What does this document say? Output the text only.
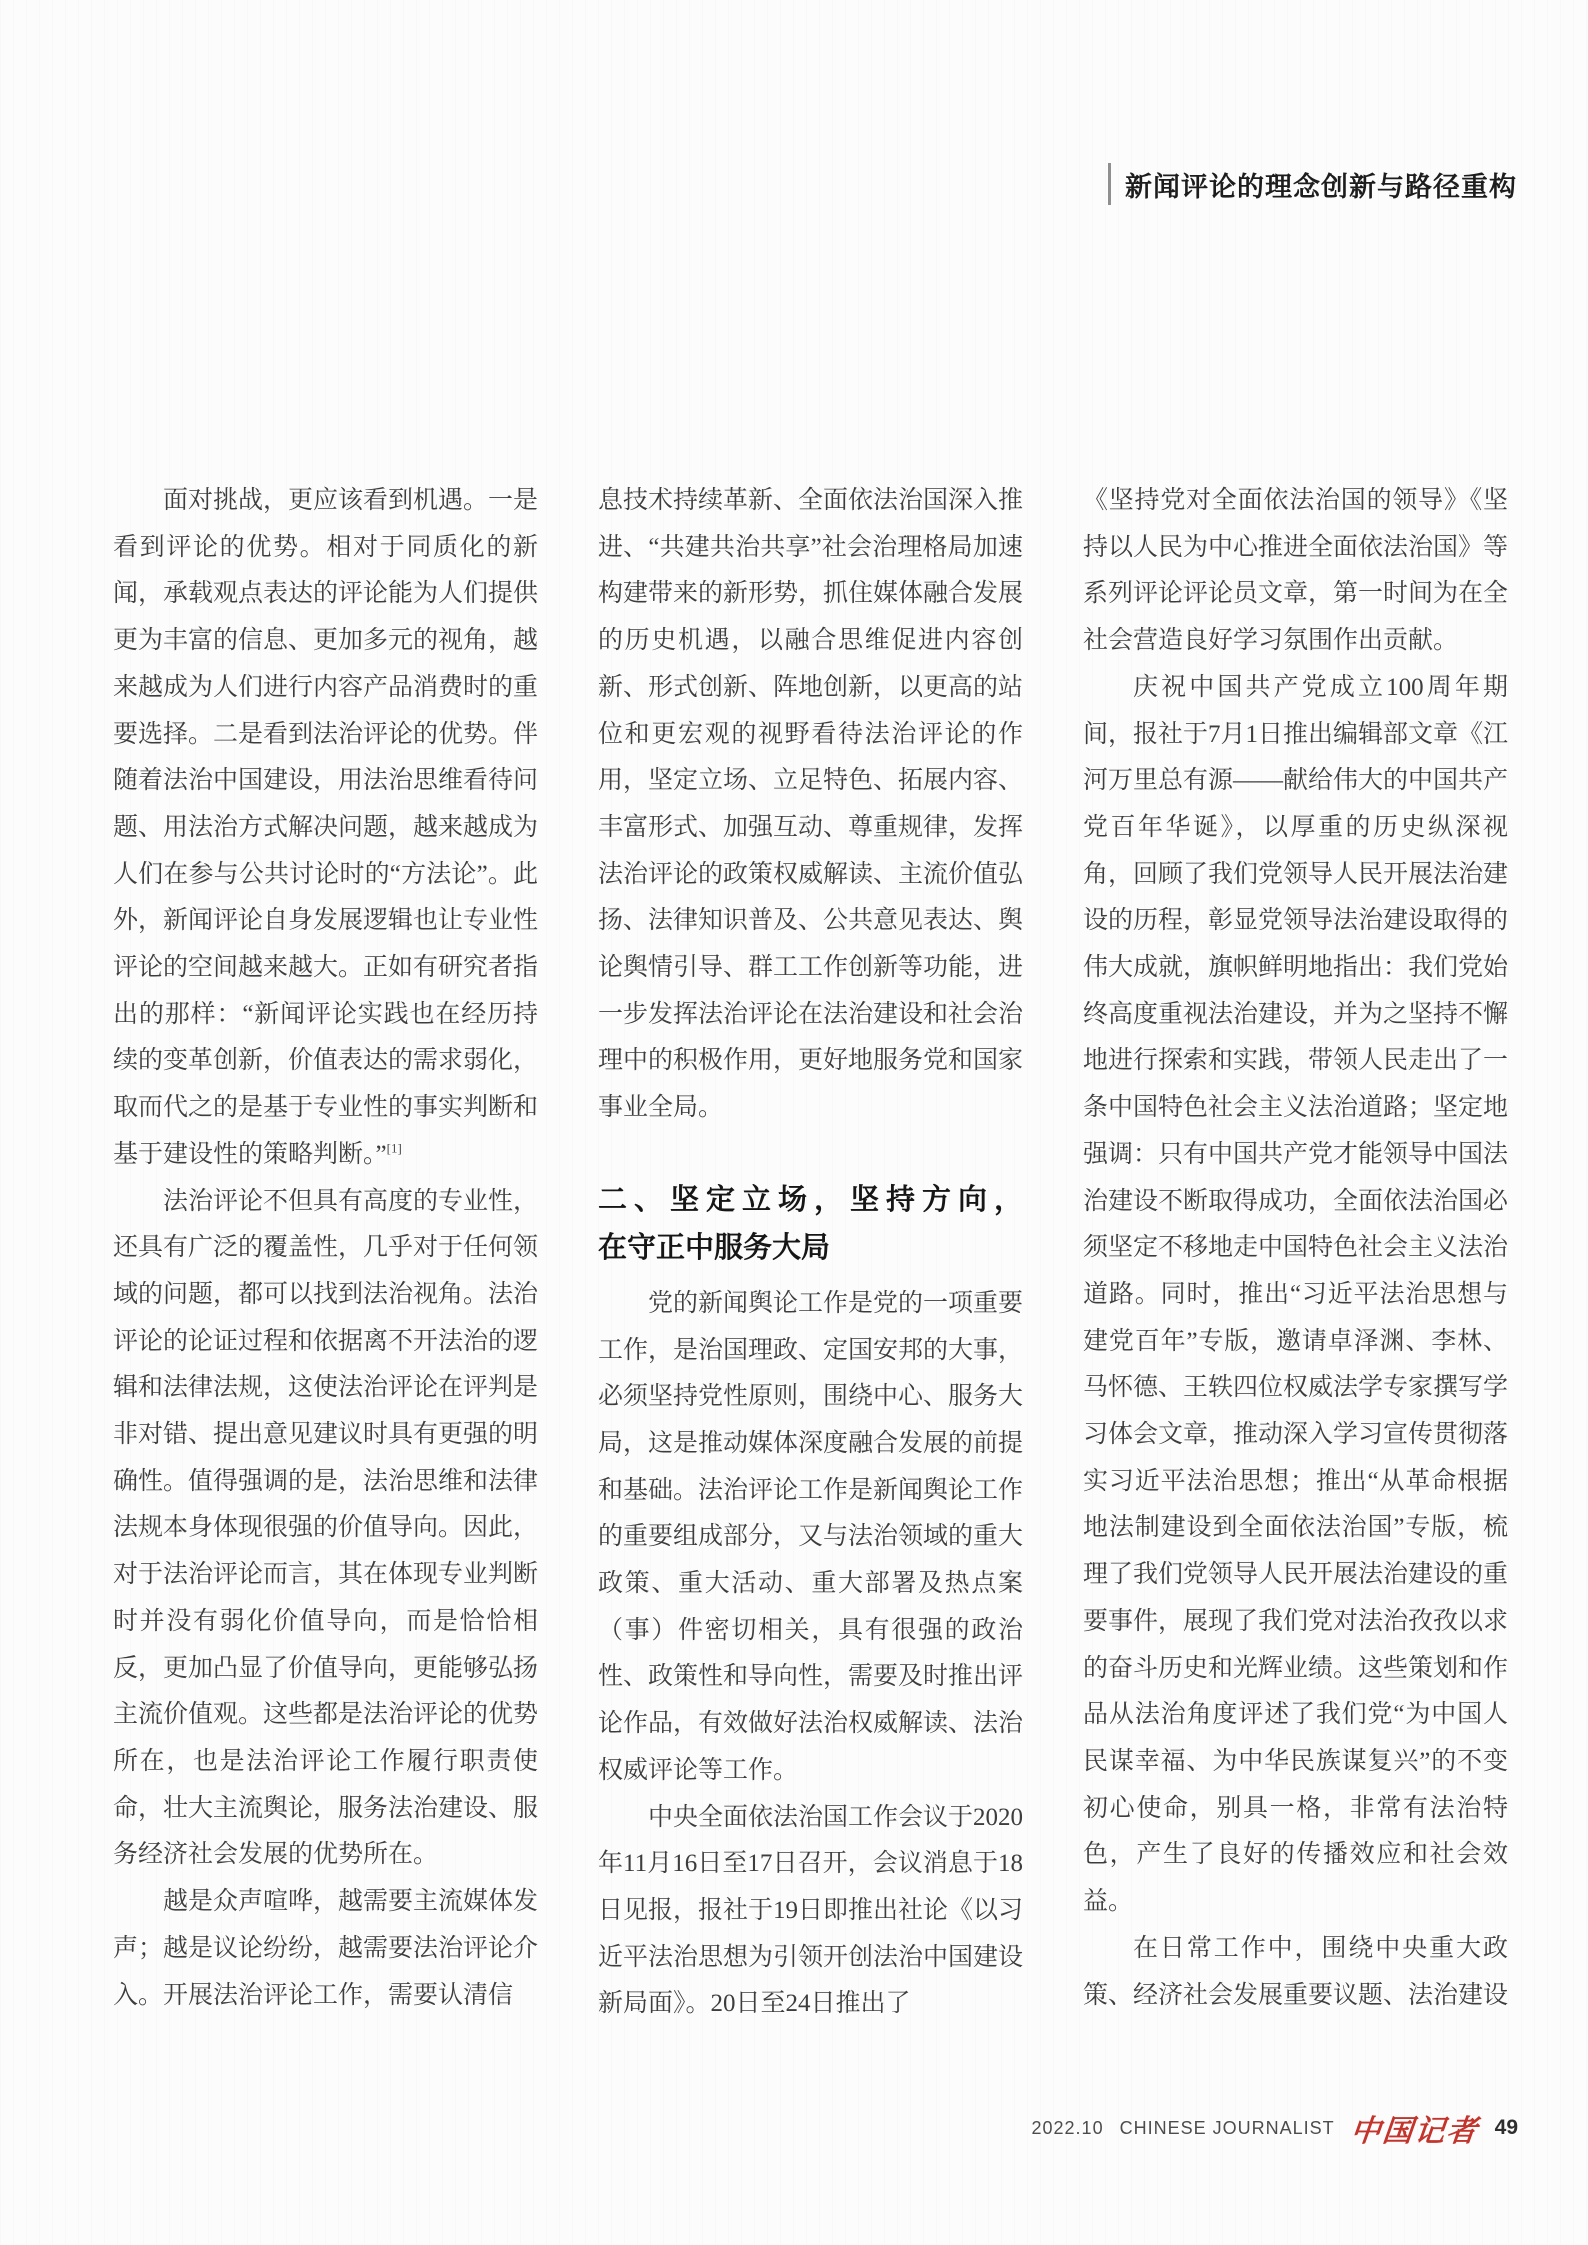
新闻评论的理念创新与路径重构

面对挑战，更应该看到机遇。一是看到评论的优势。相对于同质化的新闻，承载观点表达的评论能为人们提供更为丰富的信息、更加多元的视角，越来越成为人们进行内容产品消费时的重要选择。二是看到法治评论的优势。伴随着法治中国建设，用法治思维看待问题、用法治方式解决问题，越来越成为人们在参与公共讨论时的“方法论”。此外，新闻评论自身发展逻辑也让专业性评论的空间越来越大。正如有研究者指出的那样：“新闻评论实践也在经历持续的变革创新，价值表达的需求弱化，取而代之的是基于专业性的事实判断和基于建设性的策略判断。”[1]

法治评论不但具有高度的专业性，还具有广泛的覆盖性，几乎对于任何领域的问题，都可以找到法治视角。法治评论的论证过程和依据离不开法治的逻辑和法律法规，这使法治评论在评判是非对错、提出意见建议时具有更强的明确性。值得强调的是，法治思维和法律法规本身体现很强的价值导向。因此，对于法治评论而言，其在体现专业判断时并没有弱化价值导向，而是恰恰相反，更加凸显了价值导向，更能够弘扬主流价值观。这些都是法治评论的优势所在，也是法治评论工作履行职责使命，壮大主流舆论，服务法治建设、服务经济社会发展的优势所在。

越是众声喧哗，越需要主流媒体发声；越是议论纷纷，越需要法治评论介入。开展法治评论工作，需要认清信

息技术持续革新、全面依法治国深入推进、“共建共治共享”社会治理格局加速构建带来的新形势，抓住媒体融合发展的历史机遇，以融合思维促进内容创新、形式创新、阵地创新，以更高的站位和更宏观的视野看待法治评论的作用，坚定立场、立足特色、拓展内容、丰富形式、加强互动、尊重规律，发挥法治评论的政策权威解读、主流价值弘扬、法律知识普及、公共意见表达、舆论舆情引导、群工工作创新等功能，进一步发挥法治评论在法治建设和社会治理中的积极作用，更好地服务党和国家事业全局。

二、坚定立场，坚持方向，
在守正中服务大局

党的新闻舆论工作是党的一项重要工作，是治国理政、定国安邦的大事，必须坚持党性原则，围绕中心、服务大局，这是推动媒体深度融合发展的前提和基础。法治评论工作是新闻舆论工作的重要组成部分，又与法治领域的重大政策、重大活动、重大部署及热点案（事）件密切相关，具有很强的政治性、政策性和导向性，需要及时推出评论作品，有效做好法治权威解读、法治权威评论等工作。

中央全面依法治国工作会议于2020年11月16日至17日召开，会议消息于18日见报，报社于19日即推出社论《以习近平法治思想为引领开创法治中国建设新局面》。20日至24日推出了

《坚持党对全面依法治国的领导》《坚持以人民为中心推进全面依法治国》等系列评论评论员文章，第一时间为在全社会营造良好学习氛围作出贡献。

庆祝中国共产党成立100周年期间，报社于7月1日推出编辑部文章《江河万里总有源——献给伟大的中国共产党百年华诞》，以厚重的历史纵深视角，回顾了我们党领导人民开展法治建设的历程，彰显党领导法治建设取得的伟大成就，旗帜鲜明地指出：我们党始终高度重视法治建设，并为之坚持不懈地进行探索和实践，带领人民走出了一条中国特色社会主义法治道路；坚定地强调：只有中国共产党才能领导中国法治建设不断取得成功，全面依法治国必须坚定不移地走中国特色社会主义法治道路。同时，推出“习近平法治思想与建党百年”专版，邀请卓泽渊、李林、马怀德、王轶四位权威法学专家撰写学习体会文章，推动深入学习宣传贯彻落实习近平法治思想；推出“从革命根据地法制建设到全面依法治国”专版，梳理了我们党领导人民开展法治建设的重要事件，展现了我们党对法治孜孜以求的奋斗历史和光辉业绩。这些策划和作品从法治角度评述了我们党“为中国人民谋幸福、为中华民族谋复兴”的不变初心使命，别具一格，非常有法治特色，产生了良好的传播效应和社会效益。

在日常工作中，围绕中央重大政策、经济社会发展重要议题、法治建设

2022.10 CHINESE JOURNALIST 中国记者 49
